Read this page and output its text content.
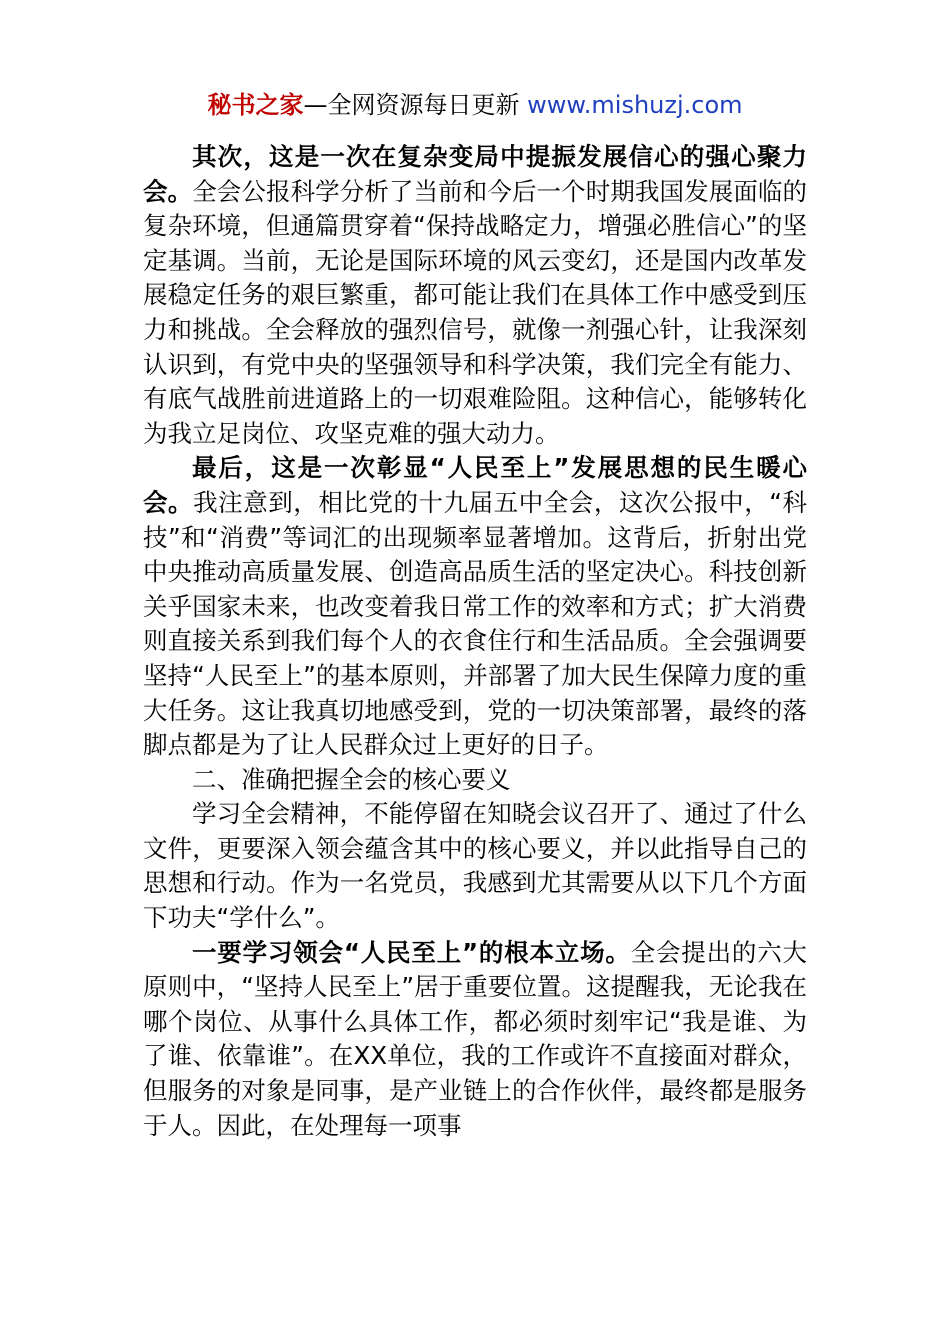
秘书之家—全网资源每日更新 www.mishuzj.com

其次，这是一次在复杂变局中提振发展信心的强心聚力会。全会公报科学分析了当前和今后一个时期我国发展面临的复杂环境，但通篇贯穿着“保持战略定力，增强必胜信心”的坚定基调。当前，无论是国际环境的风云变幻，还是国内改革发展稳定任务的艰巨繁重，都可能让我们在具体工作中感受到压力和挑战。全会释放的强烈信号，就像一剂强心针，让我深刻认识到，有党中央的坚强领导和科学决策，我们完全有能力、有底气战胜前进道路上的一切艰难险阻。这种信心，能够转化为我立足岗位、攻坚克难的强大动力。

最后，这是一次彰显“人民至上”发展思想的民生暖心会。我注意到，相比党的十九届五中全会，这次公报中，“科技”和“消费”等词汇的出现频率显著增加。这背后，折射出党中央推动高质量发展、创造高品质生活的坚定决心。科技创新关乎国家未来，也改变着我日常工作的效率和方式；扩大消费则直接关系到我们每个人的衣食住行和生活品质。全会强调要坚持“人民至上”的基本原则，并部署了加大民生保障力度的重大任务。这让我真切地感受到，党的一切决策部署，最终的落脚点都是为了让人民群众过上更好的日子。

二、准确把握全会的核心要义

学习全会精神，不能停留在知晓会议召开了、通过了什么文件，更要深入领会蕴含其中的核心要义，并以此指导自己的思想和行动。作为一名党员，我感到尤其需要从以下几个方面下功夫“学什么”。

一要学习领会“人民至上”的根本立场。全会提出的六大原则中，“坚持人民至上”居于重要位置。这提醒我，无论我在哪个岗位、从事什么具体工作，都必须时刻牢记“我是谁、为了谁、依靠谁”。在XX单位，我的工作或许不直接面对群众，但服务的对象是同事，是产业链上的合作伙伴，最终都是服务于人。因此，在处理每一项事
